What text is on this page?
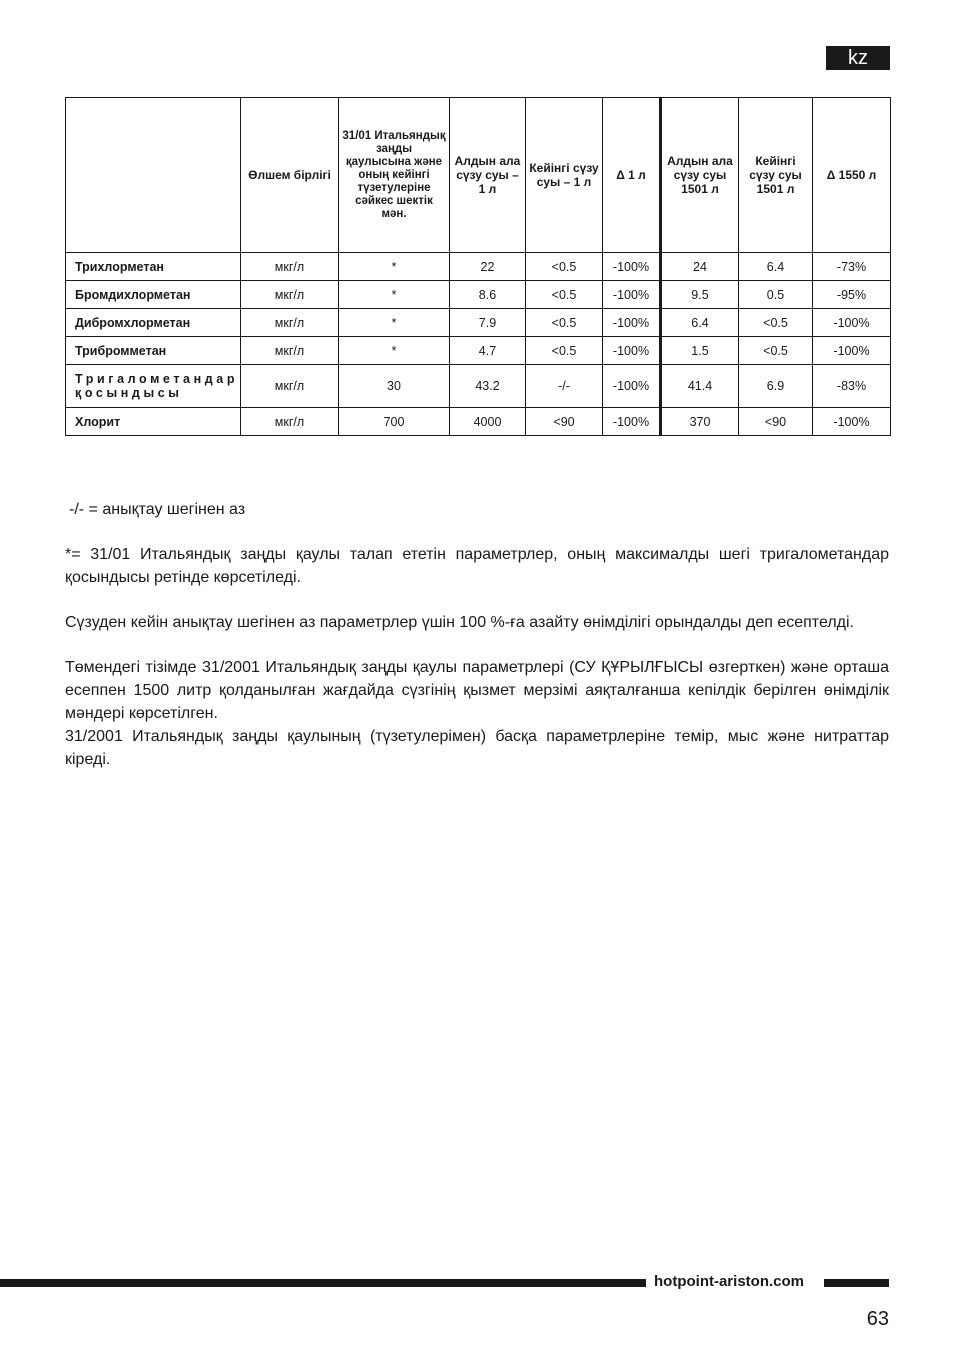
kz
	Өлшем бірлігі	31/01 Итальяндық заңды қаулысына және оның кейінгі түзетулеріне сәйкес шектік мән.	Алдын ала сүзу суы – 1 л	Кейінгі сүзу суы – 1 л	Δ 1 л	Алдын ала сүзу суы 1501 л	Кейінгі сүзу суы 1501 л	Δ 1550 л
Трихлорметан	мкг/л	*	22	<0.5	-100%	24	6.4	-73%
Бромдихлорметан	мкг/л	*	8.6	<0.5	-100%	9.5	0.5	-95%
Дибромхлорметан	мкг/л	*	7.9	<0.5	-100%	6.4	<0.5	-100%
Трибромметан	мкг/л	*	4.7	<0.5	-100%	1.5	<0.5	-100%
Тригалометандар қосындысы	мкг/л	30	43.2	-/-	-100%	41.4	6.9	-83%
Хлорит	мкг/л	700	4000	<90	-100%	370	<90	-100%

-/- = анықтау шегінен аз

*= 31/01 Итальяндық заңды қаулы талап ететін параметрлер, оның максималды шегі тригалометандар қосындысы ретінде көрсетіледі.

Сүзуден кейін анықтау шегінен аз параметрлер үшін 100 %-ға азайту өнімділігі орындалды деп есептелді.

Төмендегі тізімде 31/2001 Итальяндық заңды қаулы параметрлері (СУ ҚҰРЫЛҒЫСЫ өзгерткен) және орташа есеппен 1500 литр қолданылған жағдайда сүзгінің қызмет мерзімі аяқталғанша кепілдік берілген өнімділік мәндері көрсетілген.

31/2001 Итальяндық заңды қаулының (түзетулерімен) басқа параметрлеріне темір, мыс және нитраттар кіреді.

hotpoint-ariston.com
63
